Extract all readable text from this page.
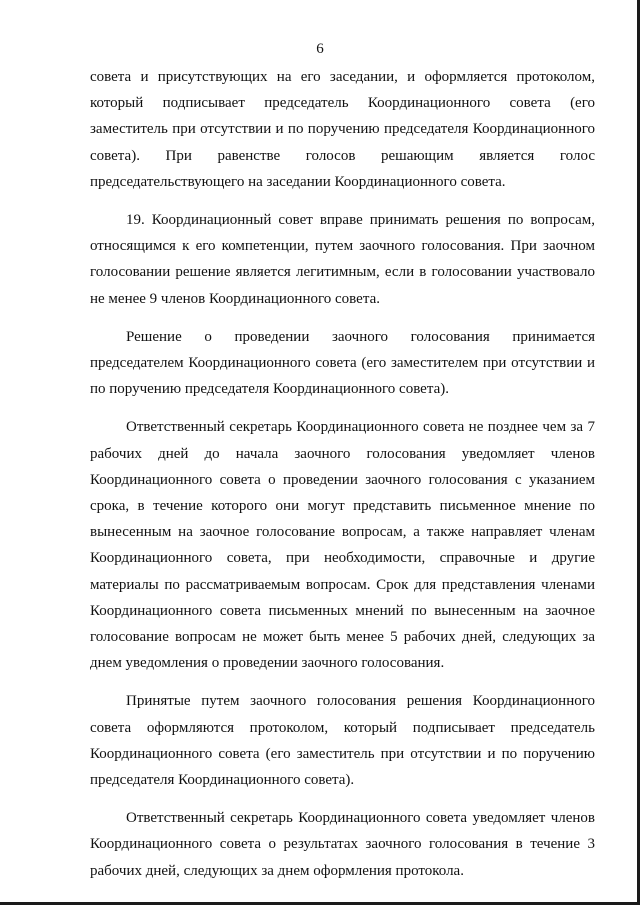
6

совета и присутствующих на его заседании, и оформляется протоколом, который подписывает председатель Координационного совета (его заместитель при отсутствии и по поручению председателя Координационного совета). При равенстве голосов решающим является голос председательствующего на заседании Координационного совета.

19. Координационный совет вправе принимать решения по вопросам, относящимся к его компетенции, путем заочного голосования. При заочном голосовании решение является легитимным, если в голосовании участвовало не менее 9 членов Координационного совета.

Решение о проведении заочного голосования принимается председателем Координационного совета (его заместителем при отсутствии и по поручению председателя Координационного совета).

Ответственный секретарь Координационного совета не позднее чем за 7 рабочих дней до начала заочного голосования уведомляет членов Координационного совета о проведении заочного голосования с указанием срока, в течение которого они могут представить письменное мнение по вынесенным на заочное голосование вопросам, а также направляет членам Координационного совета, при необходимости, справочные и другие материалы по рассматриваемым вопросам. Срок для представления членами Координационного совета письменных мнений по вынесенным на заочное голосование вопросам не может быть менее 5 рабочих дней, следующих за днем уведомления о проведении заочного голосования.

Принятые путем заочного голосования решения Координационного совета оформляются протоколом, который подписывает председатель Координационного совета (его заместитель при отсутствии и по поручению председателя Координационного совета).

Ответственный секретарь Координационного совета уведомляет членов Координационного совета о результатах заочного голосования в течение 3 рабочих дней, следующих за днем оформления протокола.
